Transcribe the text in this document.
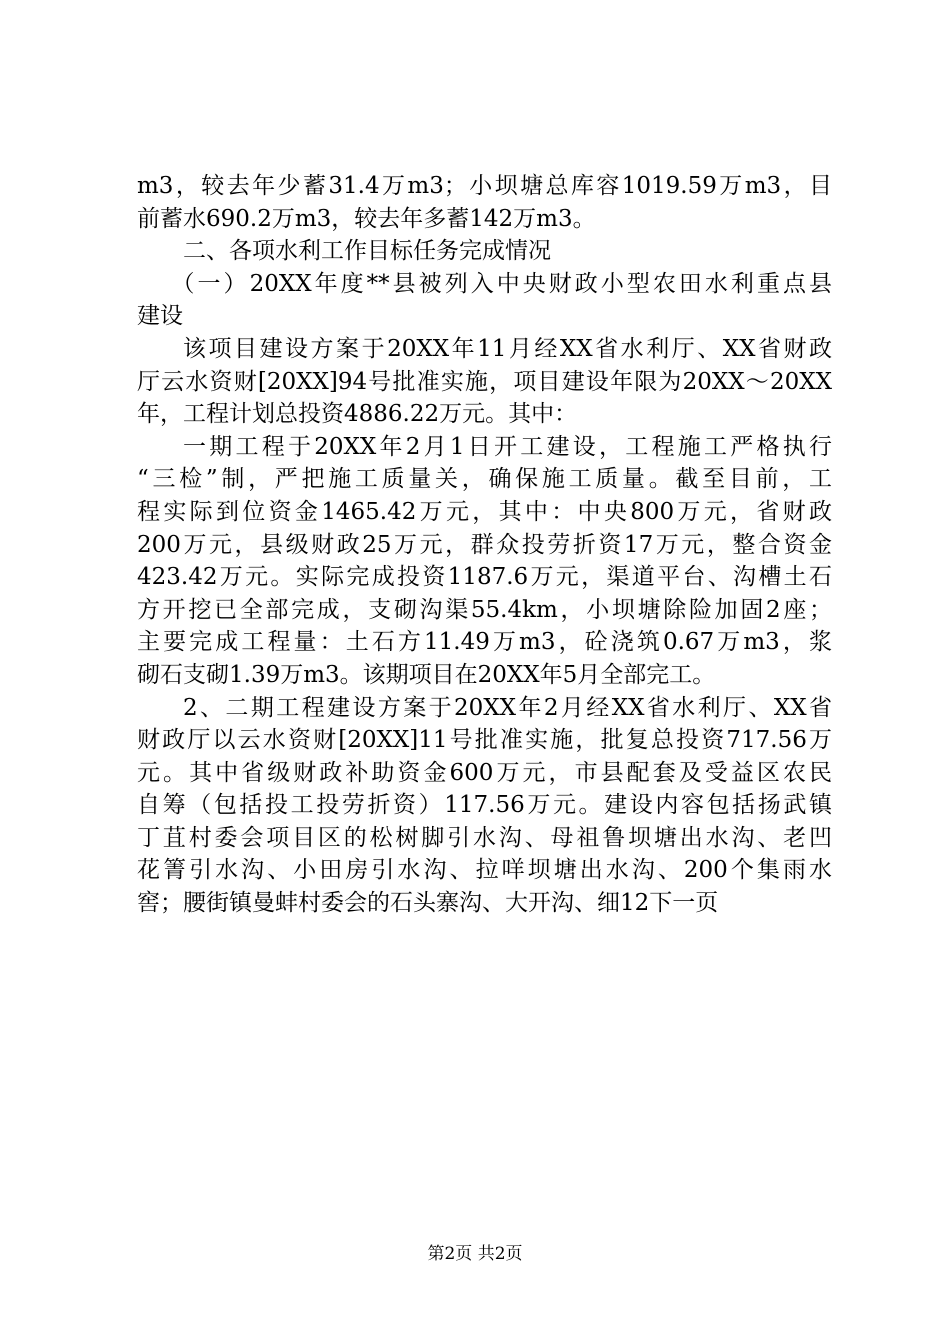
m3，较去年少蓄31.4万m3；小坝塘总库容1019.59万m3，目
前蓄水690.2万m3，较去年多蓄142万m3。
二、各项水利工作目标任务完成情况
（一）20XX年度**县被列入中央财政小型农田水利重点县
建设
该项目建设方案于20XX年11月经XX省水利厅、XX省财政
厅云水资财[20XX]94号批准实施，项目建设年限为20XX～20XX
年，工程计划总投资4886.22万元。其中：
一期工程于20XX年2月1日开工建设，工程施工严格执行
“三检”制，严把施工质量关，确保施工质量。截至目前，工
程实际到位资金1465.42万元，其中：中央800万元，省财政
200万元，县级财政25万元，群众投劳折资17万元，整合资金
423.42万元。实际完成投资1187.6万元，渠道平台、沟槽土石
方开挖已全部完成，支砌沟渠55.4km，小坝塘除险加固2座；
主要完成工程量：土石方11.49万m3，砼浇筑0.67万m3，浆
砌石支砌1.39万m3。该期项目在20XX年5月全部完工。
2、二期工程建设方案于20XX年2月经XX省水利厅、XX省
财政厅以云水资财[20XX]11号批准实施，批复总投资717.56万
元。其中省级财政补助资金600万元，市县配套及受益区农民
自筹（包括投工投劳折资）117.56万元。建设内容包括扬武镇
丁苴村委会项目区的松树脚引水沟、母祖鲁坝塘出水沟、老凹
花箐引水沟、小田房引水沟、拉咩坝塘出水沟、200个集雨水
窖；腰街镇曼蚌村委会的石头寨沟、大开沟、细12下一页
第2页 共2页
